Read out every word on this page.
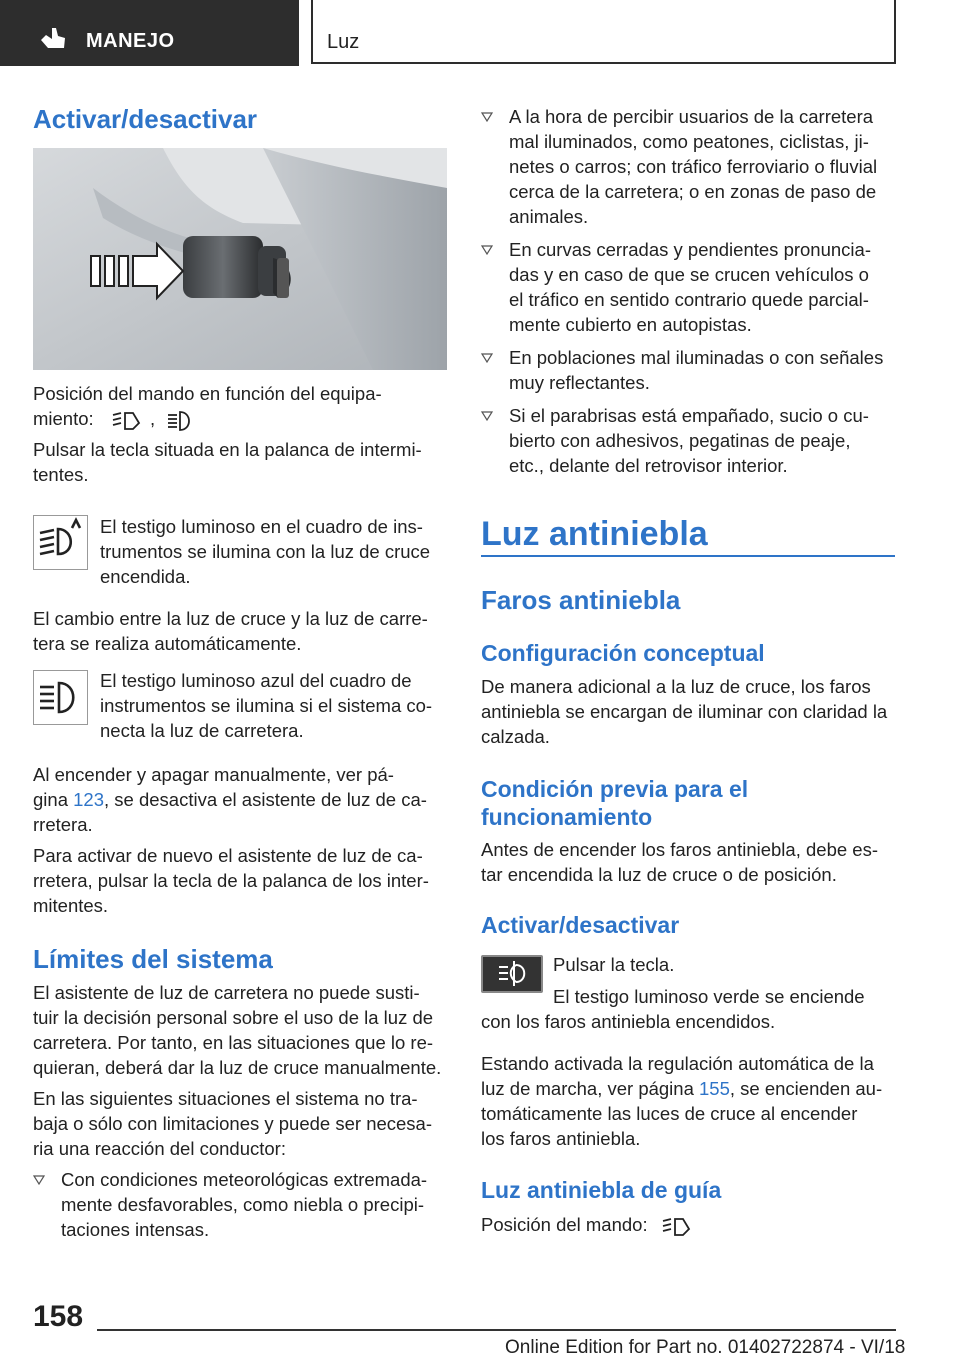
MANEJO	Luz
Activar/desactivar

Posición del mando en función del equipa-

miento:	,

Pulsar la tecla situada en la palanca de intermi-
tentes.

El testigo luminoso en el cuadro de ins-
trumentos se ilumina con la luz de cruce
encendida.

El cambio entre la luz de cruce y la luz de carre-
tera se realiza automáticamente.

El testigo luminoso azul del cuadro de
instrumentos se ilumina si el sistema co-
necta la luz de carretera.

Al encender y apagar manualmente, ver pá-
gina 123, se desactiva el asistente de luz de ca-
rretera.

Para activar de nuevo el asistente de luz de ca-
rretera, pulsar la tecla de la palanca de los inter-
mitentes.

Límites del sistema

El asistente de luz de carretera no puede susti-
tuir la decisión personal sobre el uso de la luz de
carretera. Por tanto, en las situaciones que lo re-
quieran, deberá dar la luz de cruce manualmente.

En las siguientes situaciones el sistema no tra-
baja o sólo con limitaciones y puede ser necesa-
ria una reacción del conductor:

Con condiciones meteorológicas extremada-
mente desfavorables, como niebla o precipi-
taciones intensas.
A la hora de percibir usuarios de la carretera
mal iluminados, como peatones, ciclistas, ji-
netes o carros; con tráfico ferroviario o fluvial
cerca de la carretera; o en zonas de paso de
animales.
En curvas cerradas y pendientes pronuncia-
das y en caso de que se crucen vehículos o
el tráfico en sentido contrario quede parcial-
mente cubierto en autopistas.
En poblaciones mal iluminadas o con señales
muy reflectantes.
Si el parabrisas está empañado, sucio o cu-
bierto con adhesivos, pegatinas de peaje,
etc., delante del retrovisor interior.
Luz antiniebla
Faros antiniebla
Configuración conceptual

De manera adicional a la luz de cruce, los faros
antiniebla se encargan de iluminar con claridad la
calzada.

Condición previa para el
funcionamiento

Antes de encender los faros antiniebla, debe es-
tar encendida la luz de cruce o de posición.

Activar/desactivar

Pulsar la tecla.

El testigo luminoso verde se enciende

con los faros antiniebla encendidos.

Estando activada la regulación automática de la
luz de marcha, ver página 155, se encienden au-
tomáticamente las luces de cruce al encender
los faros antiniebla.

Luz antiniebla de guía

Posición del mando:

158
Online Edition for Part no. 01402722874 - VI/18
